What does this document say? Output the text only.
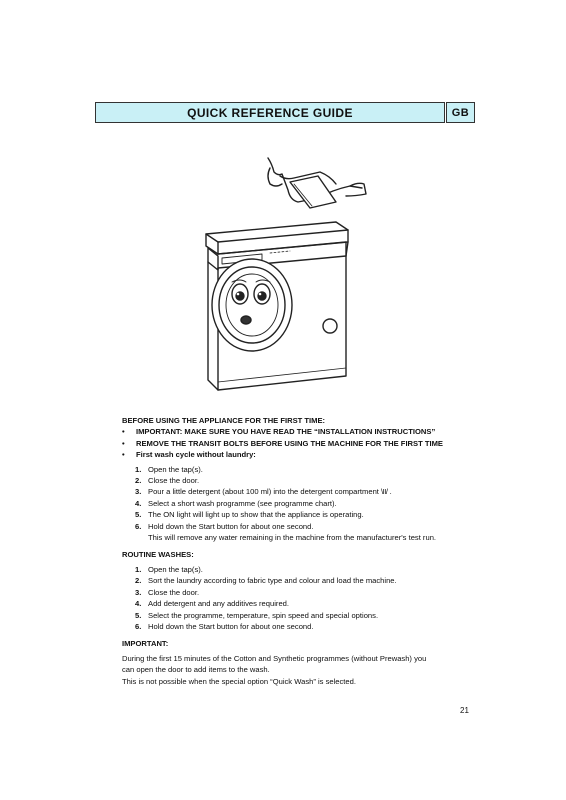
QUICK REFERENCE GUIDE	GB

BEFORE USING THE APPLIANCE FOR THE FIRST TIME:

• IMPORTANT: MAKE SURE YOU HAVE READ THE “INSTALLATION INSTRUCTIONS”
• REMOVE THE TRANSIT BOLTS BEFORE USING THE MACHINE FOR THE FIRST TIME
• First wash cycle without laundry:
1. Open the tap(s).
2. Close the door.
3. Pour a little detergent (about 100 ml) into the detergent compartment \II/ .
4. Select a short wash programme (see programme chart).
5. The ON light will light up to show that the appliance is operating.
6. Hold down the Start button for about one second.
This will remove any water remaining in the machine from the manufacturer's test run.

ROUTINE WASHES:

1. Open the tap(s).
2. Sort the laundry according to fabric type and colour and load the machine.
3. Close the door.
4. Add detergent and any additives required.
5. Select the programme, temperature, spin speed and special options.
6. Hold down the Start button for about one second.

IMPORTANT:

During the first 15 minutes of the Cotton and Synthetic programmes (without Prewash) you
can open the door to add items to the wash.
This is not possible when the special option “Quick Wash” is selected.

21
